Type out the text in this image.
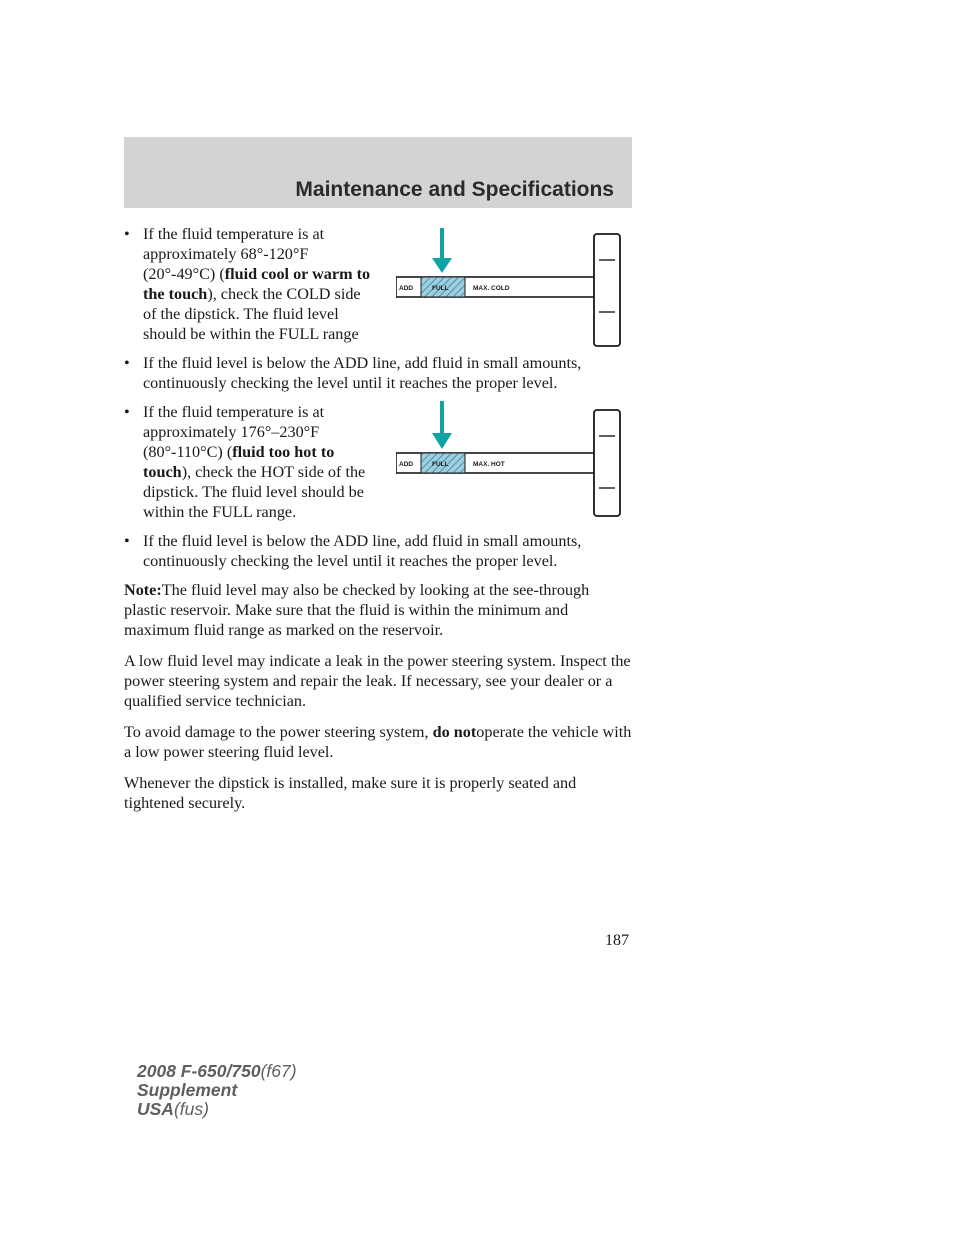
Maintenance and Specifications
ADD	FULL	MAX. COLD
ADD	FULL	MAX. HOT
• If the fluid temperature is at approximately 68°-120°F (20°-49°C) (fluid cool or warm to the touch), check the COLD side of the dipstick. The fluid level should be within the FULL range
• If the fluid level is below the ADD line, add fluid in small amounts, continuously checking the level until it reaches the proper level.
• If the fluid temperature is at approximately 176°–230°F (80°-110°C) (fluid too hot to touch), check the HOT side of the dipstick. The fluid level should be within the FULL range.
• If the fluid level is below the ADD line, add fluid in small amounts, continuously checking the level until it reaches the proper level.

Note:The fluid level may also be checked by looking at the see-through plastic reservoir. Make sure that the fluid is within the minimum and maximum fluid range as marked on the reservoir.

A low fluid level may indicate a leak in the power steering system. Inspect the power steering system and repair the leak. If necessary, see your dealer or a qualified service technician.

To avoid damage to the power steering system, do notoperate the vehicle with a low power steering fluid level.

Whenever the dipstick is installed, make sure it is properly seated and tightened securely.

187
2008 F-650/750(f67)
Supplement
USA(fus)
